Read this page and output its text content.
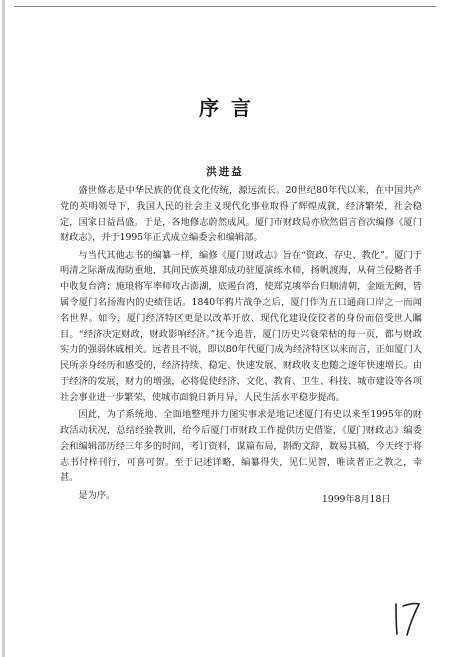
序言
洪进益

盛世修志是中华民族的优良文化传统，源远流长。20世纪80年代以来，在中国共产党的英明领导下，我国人民的社会主义现代化事业取得了辉煌成就，经济繁荣，社会稳定，国家日益昌盛。于是，各地修志蔚然成风。厦门市财政局亦欣然倡言首次编修《厦门财政志》，并于1995年正式成立编委会和编辑部。

与当代其他志书的编纂一样，编修《厦门财政志》旨在“资政、存史、教化”。厦门于明清之际渐成海防重地，其间民族英雄郑成功驻厦演练水师，扬帆渡海，从荷兰侵略者手中收复台湾；施琅将军率师攻占澎湖，底遏台湾，使郑克塽举台归顺清朝，金瓯无阙，皆属令厦门名扬海内的史绩佳话。1840年鸦片战争之后，厦门作为五口通商口岸之一而闻名世界。如今，厦门经济特区更是以改革开放、现代化建设佼佼者的身份而倍受世人瞩目。“经济决定财政，财政影响经济。”抚今追昔，厦门历史兴衰荣枯的每一页，都与财政实力的强弱休戚相关。远者且不说，即以80年代厦门成为经济特区以来而言，正如厦门人民所亲身经历和感受的，经济持续、稳定、快速发展，财政收支也随之逐年快速增长。由于经济的发展，财力的增强，必将促使经济、文化、教育、卫生、科技、城市建设等各项社会事业进一步繁荣，使城市面貌日新月异，人民生活水平稳步提高。

因此，为了系统地、全面地整理并力图实事求是地记述厦门有史以来至1995年的财政活动状况，总结经验教训，给今后厦门市财政工作提供历史借鉴，《厦门财政志》编委会和编辑部历经三年多的时间，考订资料，谋篇布局，斟酌文辞，数易其稿，今天终于将志书付梓刊行，可喜可贺。至于记述详略，编纂得失，见仁见智，唯读者正之教之，幸甚。

是为序。	1999年8月18日
